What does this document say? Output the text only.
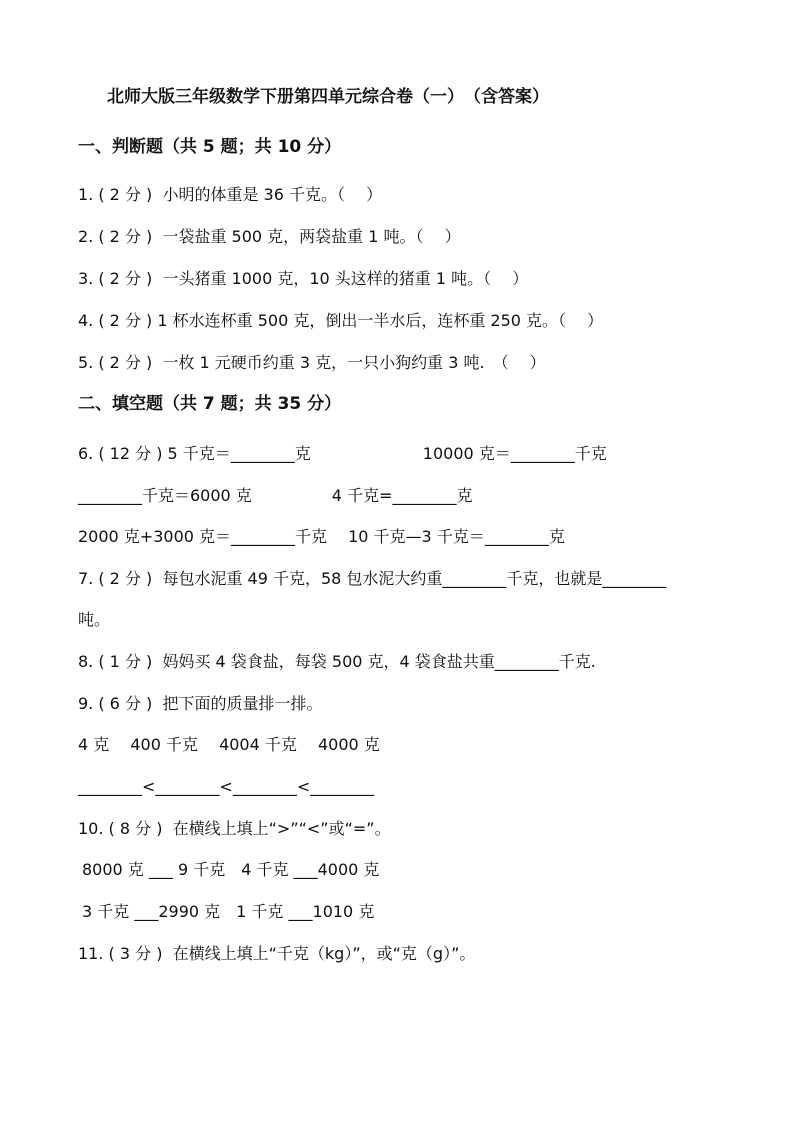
北师大版三年级数学下册第四单元综合卷（一）　（含答案）
一、判断题（共 5 题；共 10 分）
1. ( 2 分 )  小明的体重是 36 千克。（　 ）
2. ( 2 分 )  一袋盐重 500 克，两袋盐重 1 吨。（　 ）
3. ( 2 分 )  一头猪重 1000 克，10 头这样的猪重 1 吨。（　 ）
4. ( 2 分 ) 1 杯水连杯重 500 克，倒出一半水后，连杯重 250 克。（　 ）
5. ( 2 分 )  一枚 1 元硬币约重 3 克，一只小狗约重 3 吨.　（　 ）
二、填空题（共 7 题；共 35 分）
6. ( 12 分 ) 5 千克＝________克　　　　　　　10000 克＝________千克
________千克＝6000 克　　　　　4 千克=________克
2000 克+3000 克＝________千克　 10 千克—3 千克＝________克
7. ( 2 分 )  每包水泥重 49 千克，58 包水泥大约重________千克，也就是________
吨。
8. ( 1 分 )  妈妈买 4 袋食盐，每袋 500 克，4 袋食盐共重________千克.
9. ( 6 分 )  把下面的质量排一排。
4 克　 400 千克　 4004 千克　 4000 克
________<________<________<________
10. ( 8 分 )  在横线上填上“>”“<”或“=”。
8000 克 ___ 9 千克　4 千克 ___4000 克
3 千克 ___2990 克　1 千克 ___1010 克
11. ( 3 分 )  在横线上填上“千克（kg）”，或“克（g）”。
